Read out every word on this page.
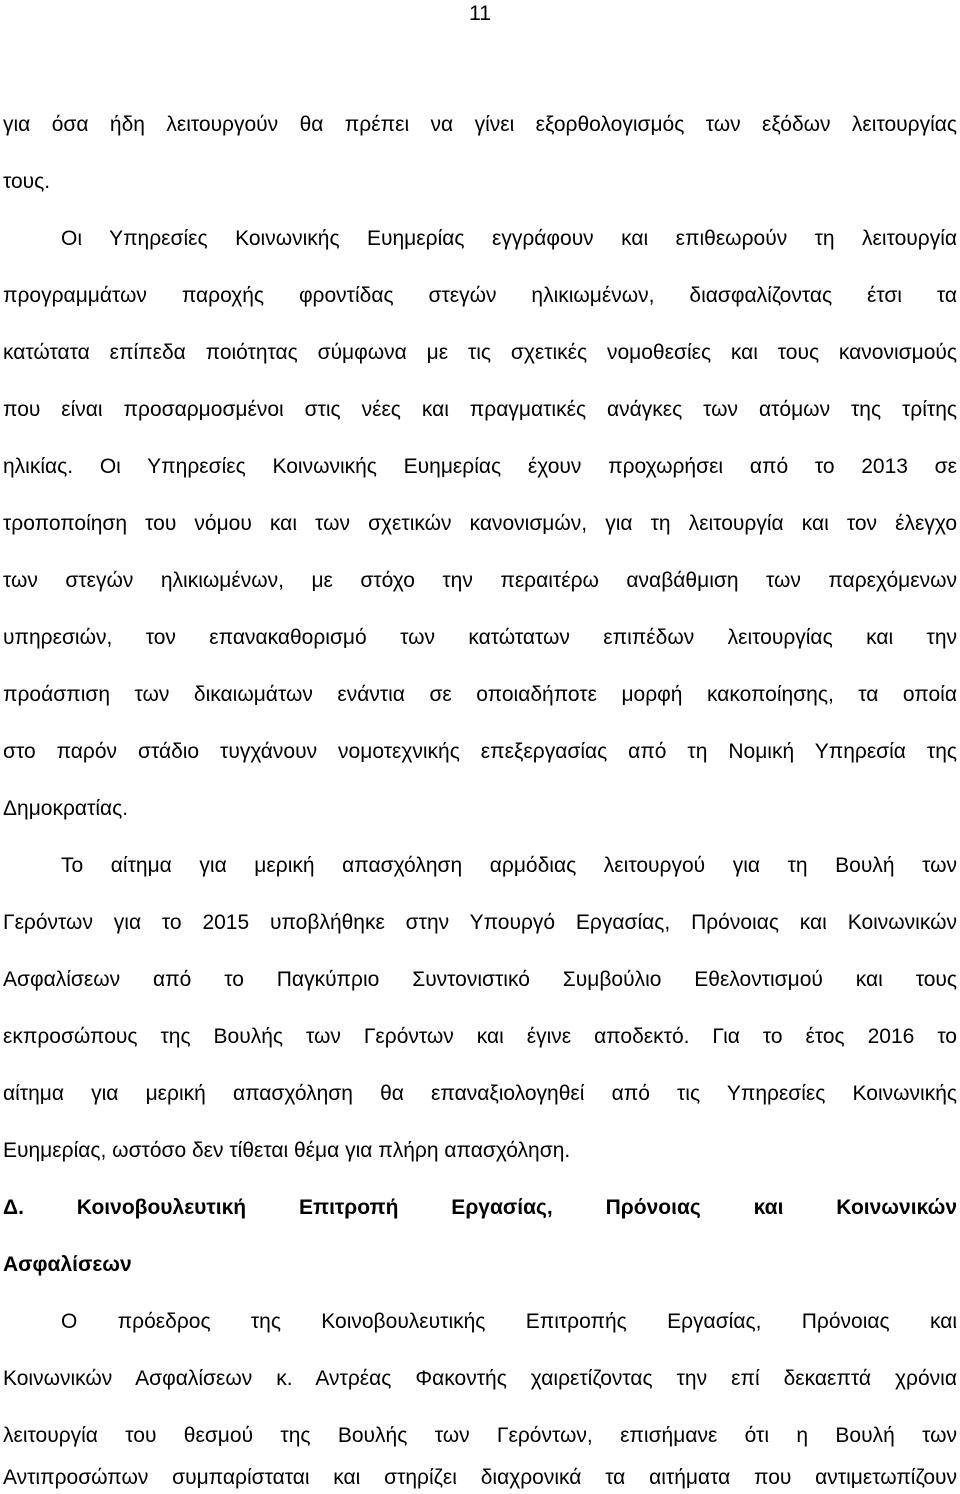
11
για όσα ήδη λειτουργούν θα πρέπει να γίνει εξορθολογισμός των εξόδων λειτουργίας
τους.
Οι Υπηρεσίες Κοινωνικής Ευημερίας εγγράφουν και επιθεωρούν τη λειτουργία
προγραμμάτων παροχής φροντίδας στεγών ηλικιωμένων, διασφαλίζοντας έτσι τα
κατώτατα επίπεδα ποιότητας σύμφωνα με τις σχετικές νομοθεσίες και τους κανονισμούς
που είναι προσαρμοσμένοι στις νέες και πραγματικές ανάγκες των ατόμων της τρίτης
ηλικίας. Οι Υπηρεσίες Κοινωνικής Ευημερίας έχουν προχωρήσει από το 2013 σε
τροποποίηση του νόμου και των σχετικών κανονισμών, για τη λειτουργία και τον έλεγχο
των στεγών ηλικιωμένων, με στόχο την περαιτέρω αναβάθμιση των παρεχόμενων
υπηρεσιών, τον επανακαθορισμό των κατώτατων επιπέδων λειτουργίας και την
προάσπιση των δικαιωμάτων ενάντια σε οποιαδήποτε μορφή κακοποίησης, τα οποία
στο παρόν στάδιο τυγχάνουν νομοτεχνικής επεξεργασίας από τη Νομική Υπηρεσία της
Δημοκρατίας.
Το αίτημα για μερική απασχόληση αρμόδιας λειτουργού για τη Βουλή των
Γερόντων για το 2015 υποβλήθηκε στην Υπουργό Εργασίας, Πρόνοιας και Κοινωνικών
Ασφαλίσεων από το Παγκύπριο Συντονιστικό Συμβούλιο Εθελοντισμού και τους
εκπροσώπους της Βουλής των Γερόντων και έγινε αποδεκτό. Για το έτος 2016 το
αίτημα για μερική απασχόληση θα επαναξιολογηθεί από τις Υπηρεσίες Κοινωνικής
Ευημερίας, ωστόσο δεν τίθεται θέμα για πλήρη απασχόληση.
Δ. Κοινοβουλευτική Επιτροπή Εργασίας, Πρόνοιας και Κοινωνικών
Ασφαλίσεων
Ο πρόεδρος της Κοινοβουλευτικής Επιτροπής Εργασίας, Πρόνοιας και
Κοινωνικών Ασφαλίσεων κ. Αντρέας Φακοντής χαιρετίζοντας την επί δεκαεπτά χρόνια
λειτουργία του θεσμού της Βουλής των Γερόντων, επισήμανε ότι η Βουλή των
Αντιπροσώπων συμπαρίσταται και στηρίζει διαχρονικά τα αιτήματα που αντιμετωπίζουν
